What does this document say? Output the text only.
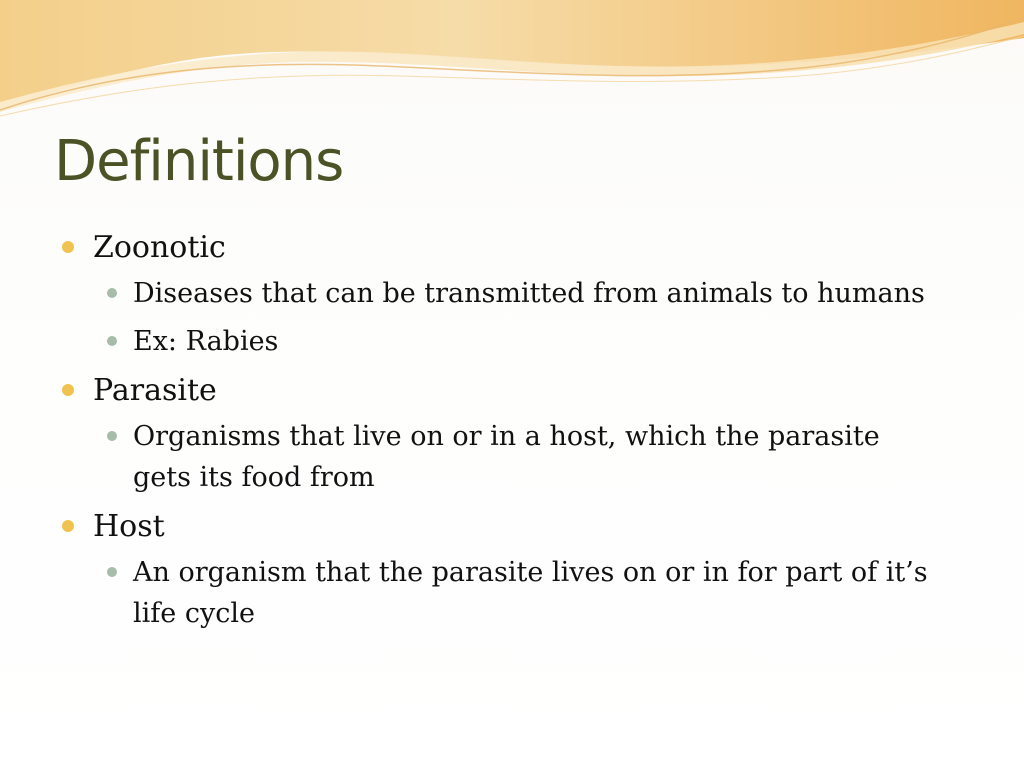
Definitions
Zoonotic
Diseases that can be transmitted from animals to humans
Ex: Rabies
Parasite
Organisms that live on or in a host, which the parasite gets its food from
Host
An organism that the parasite lives on or in for part of it’s life cycle
